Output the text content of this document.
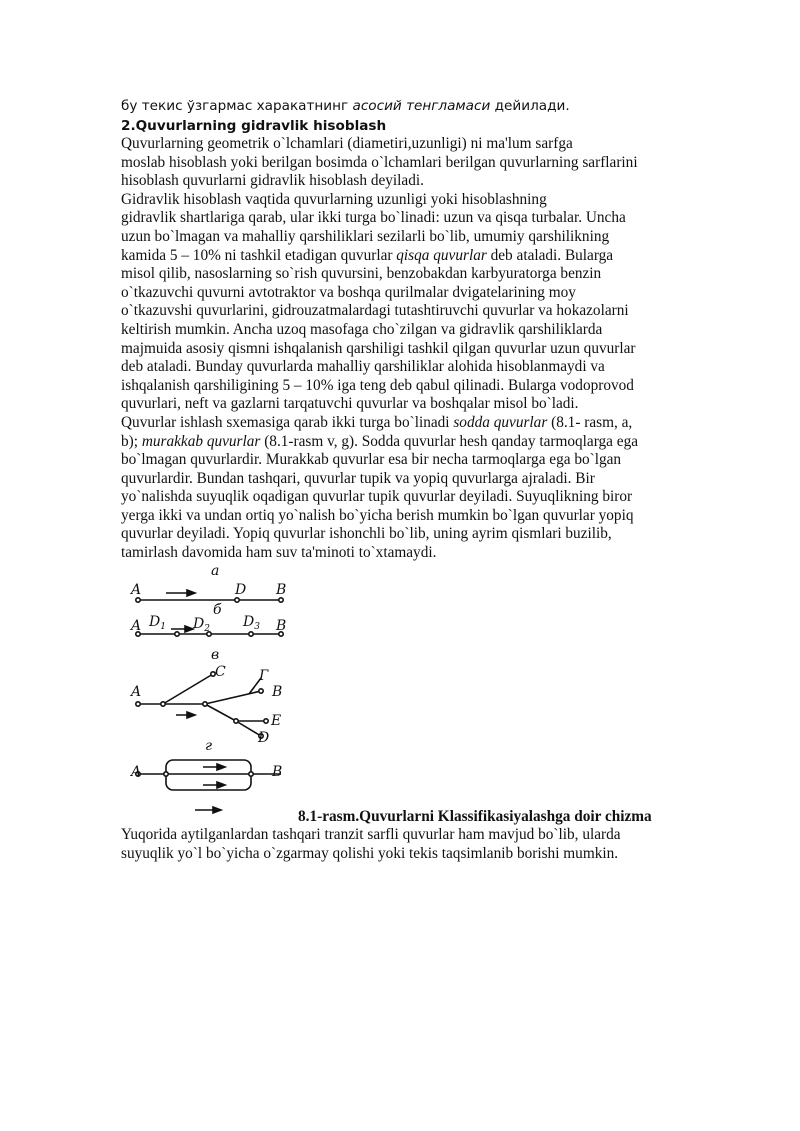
бу текис ўзгармас харакатнинг асосий тенгламаси дейилади.
2.Quvurlarning gidravlik hisoblash
Quvurlarning geometrik o`lchamlari (diametiri,uzunligi) ni ma'lum sarfga
moslab hisoblash yoki berilgan bosimda o`lchamlari berilgan quvurlarning sarflarini
hisoblash quvurlarni gidravlik hisoblash deyiladi.
Gidravlik hisoblash vaqtida quvurlarning uzunligi yoki hisoblashning
gidravlik shartlariga qarab, ular ikki turga bo`linadi: uzun va qisqa turbalar. Uncha
uzun bo`lmagan va mahalliy qarshiliklari sezilarli bo`lib, umumiy qarshilikning
kamida 5 – 10% ni tashkil etadigan quvurlar qisqa quvurlar deb ataladi. Bularga
misol qilib, nasoslarning so`rish quvursini, benzobakdan karbyuratorga benzin
o`tkazuvchi quvurni avtotraktor va boshqa qurilmalar dvigatelarining moy
o`tkazuvshi quvurlarini, gidrouzatmalardagi tutashtiruvchi quvurlar va hokazolarni
keltirish mumkin. Ancha uzoq masofaga cho`zilgan va gidravlik qarshiliklarda
majmuida asosiy qismni ishqalanish qarshiligi tashkil qilgan quvurlar uzun quvurlar
deb ataladi. Bunday quvurlarda mahalliy qarshiliklar alohida hisoblanmaydi va
ishqalanish qarshiligining 5 – 10% iga teng deb qabul qilinadi. Bularga vodoprovod
quvurlari, neft va gazlarni tarqatuvchi quvurlar va boshqalar misol bo`ladi.
Quvurlar ishlash sxemasiga qarab ikki turga bo`linadi sodda quvurlar (8.1- rasm, a,
b); murakkab quvurlar (8.1-rasm v, g). Sodda quvurlar hesh qanday tarmoqlarga ega
bo`lmagan quvurlardir. Murakkab quvurlar esa bir necha tarmoqlarga ega bo`lgan
quvurlardir. Bundan tashqari, quvurlar tupik va yopiq quvurlarga ajraladi. Bir
yo`nalishda suyuqlik oqadigan quvurlar tupik quvurlar deyiladi. Suyuqlikning biror
yerga ikki va undan ortiq yo`nalish bo`yicha berish mumkin bo`lgan quvurlar yopiq
quvurlar deyiladi. Yopiq quvurlar ishonchli bo`lib, uning ayrim qismlari buzilib,
tamirlash davomida ham suv ta'minoti to`xtamaydi.
a
A	D B
б
A $D_1$ $D_2$ $D_3$ B
в
A
C Г
B
E
D
г
A	B
8.1-rasm.Quvurlarni Klassifikasiyalashga doir chizma
Yuqorida aytilganlardan tashqari tranzit sarfli quvurlar ham mavjud bo`lib, ularda
suyuqlik yo`l bo`yicha o`zgarmay qolishi yoki tekis taqsimlanib borishi mumkin.
